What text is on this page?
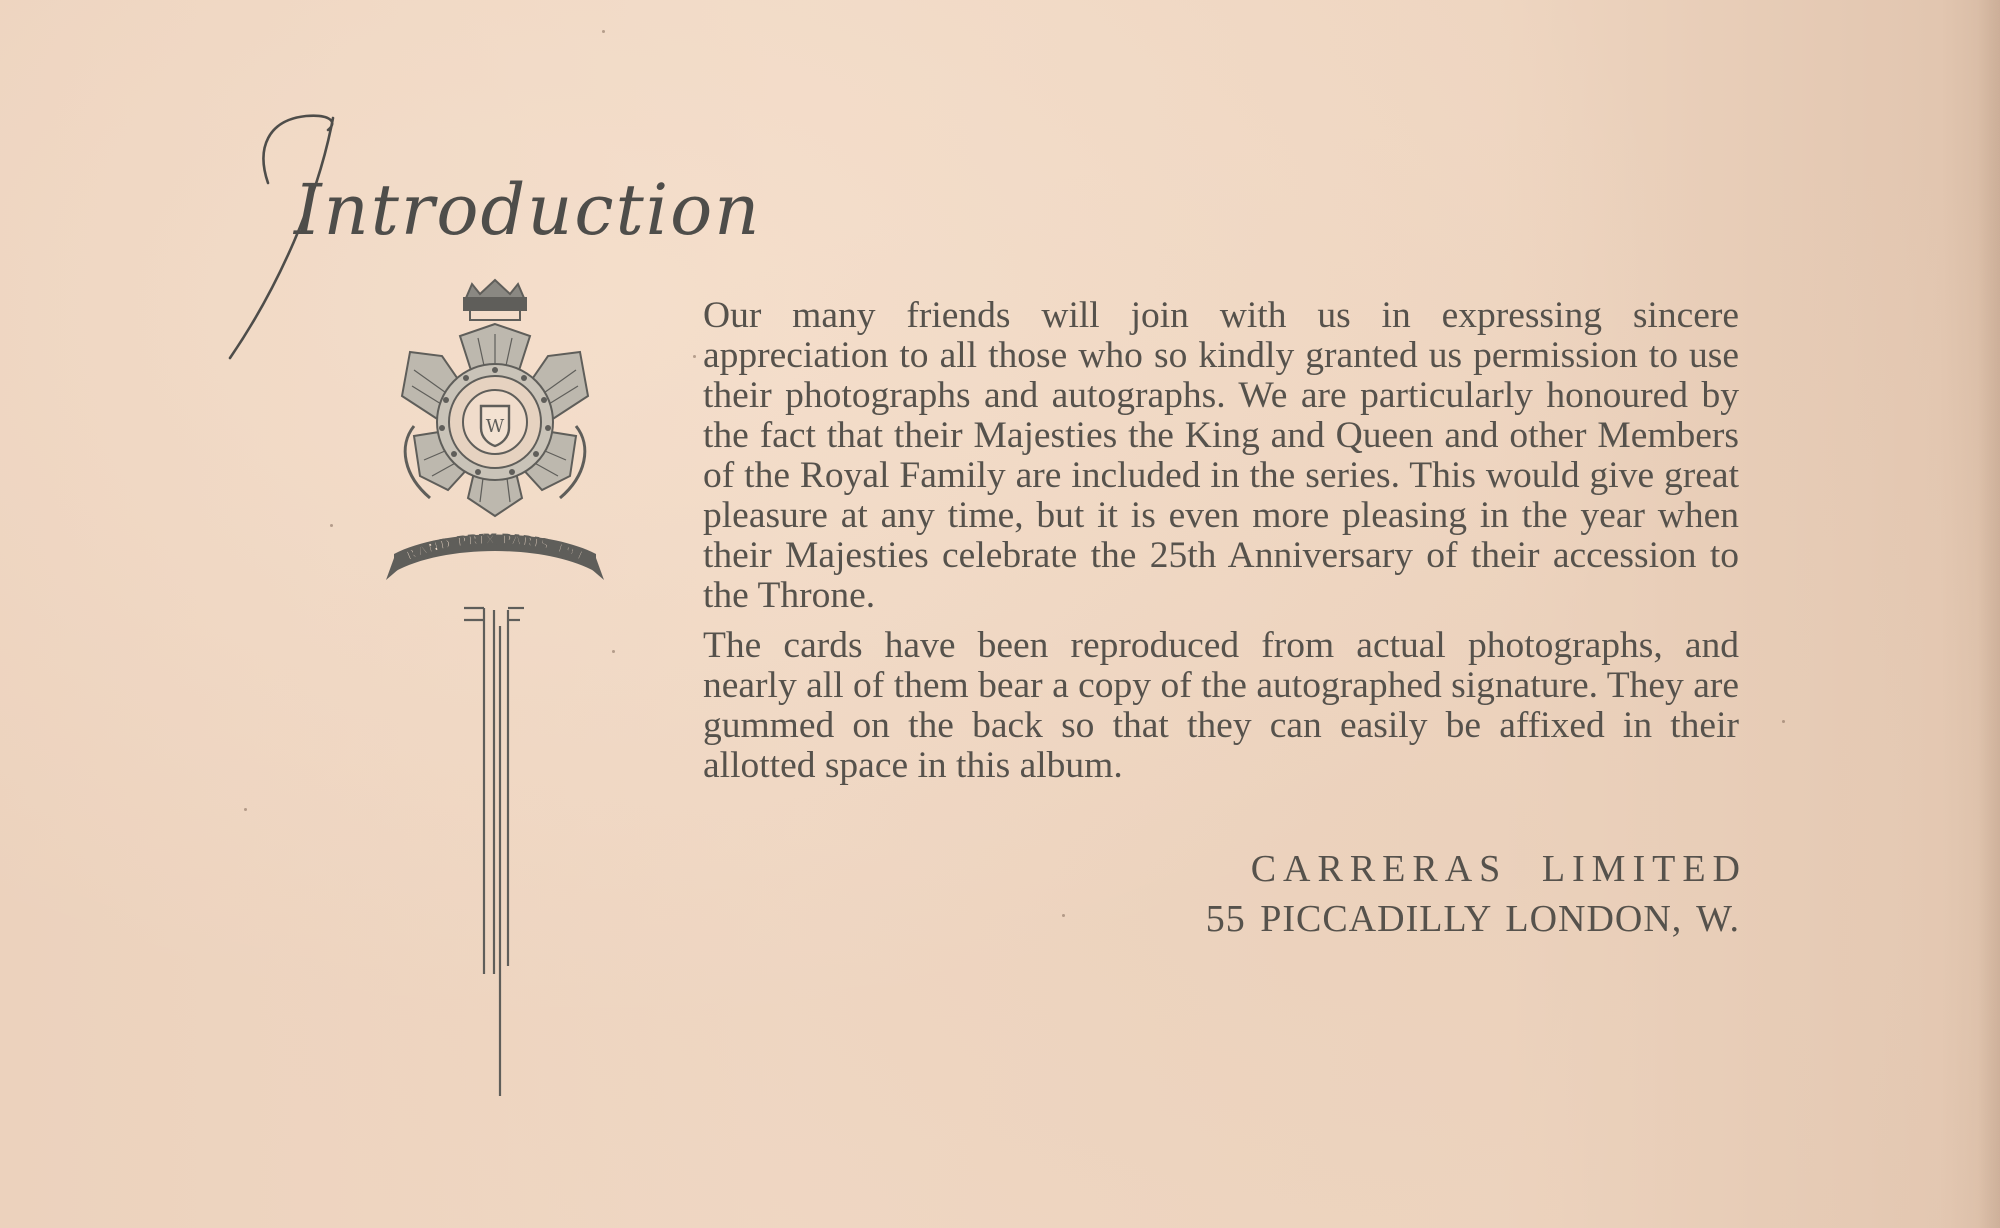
Introduction
W
RAND PRIX PARIS 191

Our many friends will join with us in expressing sincere appreciation to all those who so kindly granted us permission to use their photographs and autographs. We are particularly honoured by the fact that their Majesties the King and Queen and other Members of the Royal Family are included in the series. This would give great pleasure at any time, but it is even more pleasing in the year when their Majesties celebrate the 25th Anniversary of their accession to the Throne.

The cards have been reproduced from actual photographs, and nearly all of them bear a copy of the autographed signature. They are gummed on the back so that they can easily be affixed in their allotted space in this album.

CARRERAS LIMITED
55 PICCADILLY LONDON, W.
